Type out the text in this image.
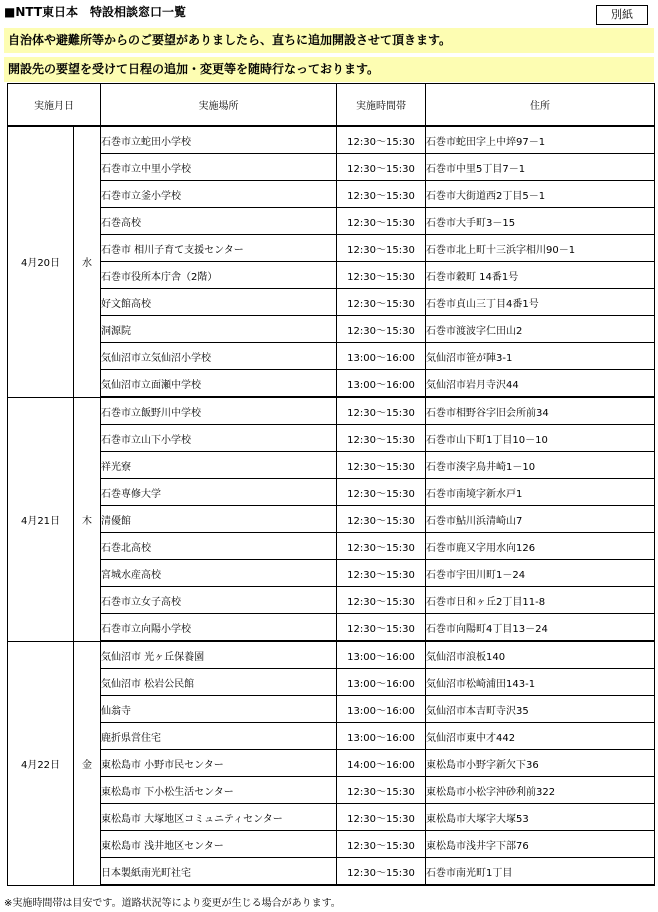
■NTT東日本　特設相談窓口一覧	別紙
自治体や避難所等からのご要望がありましたら、直ちに追加開設させて頂きます。
開設先の要望を受けて日程の追加・変更等を随時行なっております。
実施月日		実施場所	実施時間帯	住所
4月20日	水	石巻市立蛇田小学校	12:30～15:30	石巻市蛇田字上中埣97－1
		石巻市立中里小学校	12:30～15:30	石巻市中里5丁目7－1
		石巻市立釜小学校	12:30～15:30	石巻市大街道西2丁目5－1
		石巻高校	12:30～15:30	石巻市大手町3－15
		石巻市 相川子育て支援センター	12:30～15:30	石巻市北上町十三浜字相川90－1
		石巻市役所本庁舎（2階）	12:30～15:30	石巻市穀町 14番1号
		好文館高校	12:30～15:30	石巻市貞山三丁目4番1号
		洞源院	12:30～15:30	石巻市渡波字仁田山2
		気仙沼市立気仙沼小学校	13:00～16:00	気仙沼市笹が陣3-1
		気仙沼市立面瀬中学校	13:00～16:00	気仙沼市岩月寺沢44
4月21日	木	石巻市立飯野川中学校	12:30～15:30	石巻市相野谷字旧会所前34
		石巻市立山下小学校	12:30～15:30	石巻市山下町1丁目10－10
		祥光寮	12:30～15:30	石巻市湊字鳥井崎1－10
		石巻専修大学	12:30～15:30	石巻市南境字新水戸1
		清優館	12:30～15:30	石巻市鮎川浜清崎山7
		石巻北高校	12:30～15:30	石巻市鹿又字用水向126
		宮城水産高校	12:30～15:30	石巻市宇田川町1－24
		石巻市立女子高校	12:30～15:30	石巻市日和ヶ丘2丁目11-8
		石巻市立向陽小学校	12:30～15:30	石巻市向陽町4丁目13－24
4月22日	金	気仙沼市 光ヶ丘保養園	13:00～16:00	気仙沼市浪板140
		気仙沼市 松岩公民館	13:00～16:00	気仙沼市松崎浦田143-1
		仙翁寺	13:00～16:00	気仙沼市本吉町寺沢35
		鹿折県営住宅	13:00～16:00	気仙沼市東中才442
		東松島市 小野市民センター	14:00～16:00	東松島市小野字新欠下36
		東松島市 下小松生活センター	12:30～15:30	東松島市小松字沖砂利前322
		東松島市 大塚地区コミュニティセンター	12:30～15:30	東松島市大塚字大塚53
		東松島市 浅井地区センター	12:30～15:30	東松島市浅井字下部76
		日本製紙南光町社宅	12:30～15:30	石巻市南光町1丁目
※実施時間帯は目安です。道路状況等により変更が生じる場合があります。
